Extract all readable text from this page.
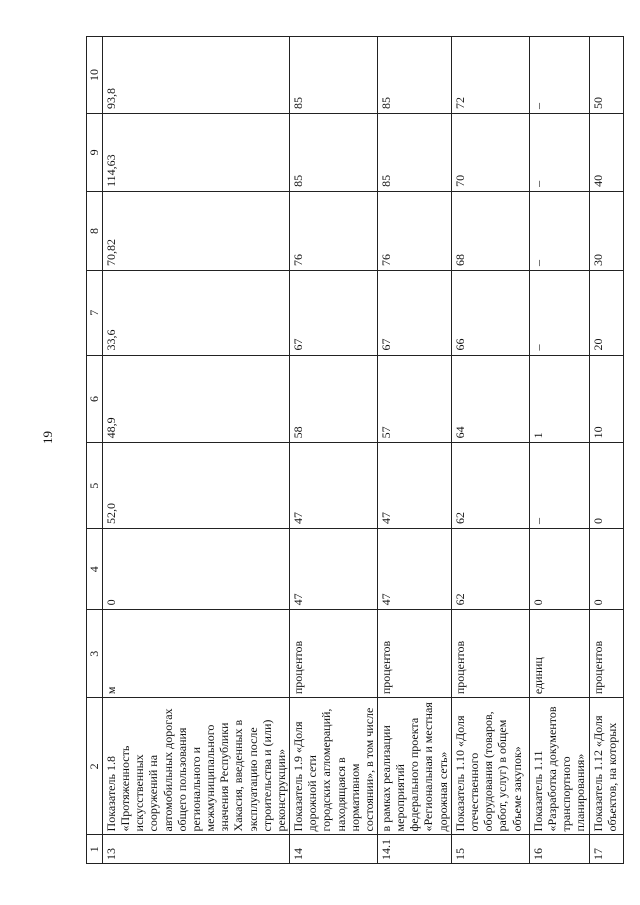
19
1	2	3	4	5	6	7	8	9	10
13	Показатель 1.8 «Протяженность искусственных сооружений на автомобильных дорогах общего пользования регионального и межмуниципального значения Республики Хакасия, введенных в эксплуатацию после строительства и (или) реконструкции»	м	0	52,0	48,9	33,6	70,82	114,63	93,8
14	Показатель 1.9 «Доля дорожной сети городских агломераций, находящаяся в нормативном состоянии», в том числе	процентов	47	47	58	67	76	85	85
14.1	в рамках реализации мероприятий федерального проекта «Региональная и местная дорожная сеть»	процентов	47	47	57	67	76	85	85
15	Показатель 1.10 «Доля отечественного оборудования (товаров, работ, услуг) в общем объеме закупок»	процентов	62	62	64	66	68	70	72
16	Показатель 1.11 «Разработка документов транспортного планирования»	единиц	0	–	1	–	–	–	–
17	Показатель 1.12 «Доля объектов, на которых	процентов	0	0	10	20	30	40	50
